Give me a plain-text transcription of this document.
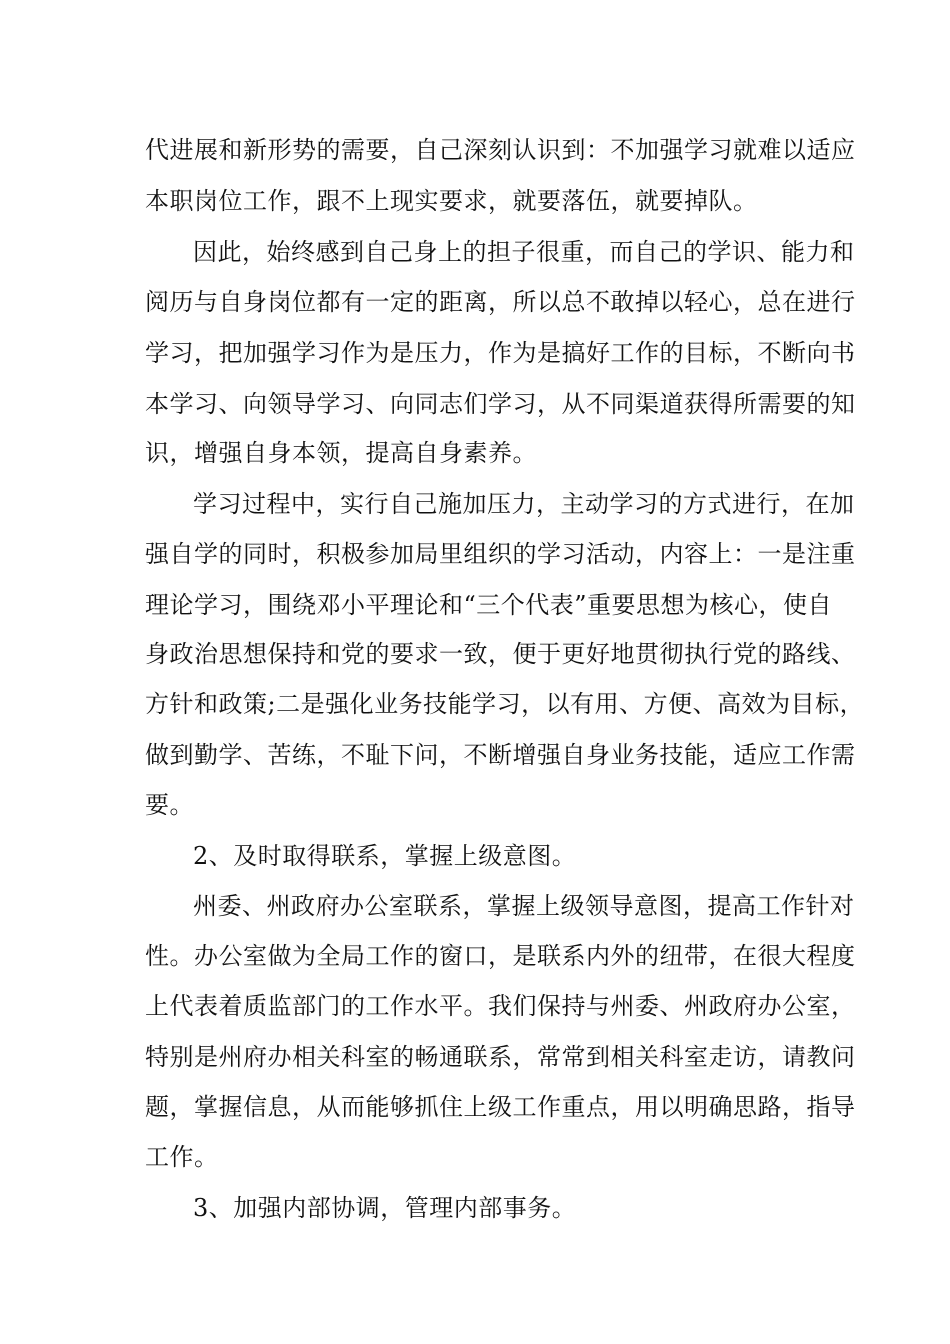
代进展和新形势的需要，自己深刻认识到：不加强学习就难以适应
本职岗位工作，跟不上现实要求，就要落伍，就要掉队。
因此，始终感到自己身上的担子很重，而自己的学识、能力和
阅历与自身岗位都有一定的距离，所以总不敢掉以轻心，总在进行
学习，把加强学习作为是压力，作为是搞好工作的目标，不断向书
本学习、向领导学习、向同志们学习，从不同渠道获得所需要的知
识，增强自身本领，提高自身素养。
学习过程中，实行自己施加压力，主动学习的方式进行，在加
强自学的同时，积极参加局里组织的学习活动，内容上：一是注重
理论学习，围绕邓小平理论和“三个代表”重要思想为核心，使自
身政治思想保持和党的要求一致，便于更好地贯彻执行党的路线、
方针和政策;二是强化业务技能学习，以有用、方便、高效为目标，
做到勤学、苦练，不耻下问，不断增强自身业务技能，适应工作需
要。
2、及时取得联系，掌握上级意图。
州委、州政府办公室联系，掌握上级领导意图，提高工作针对
性。办公室做为全局工作的窗口，是联系内外的纽带，在很大程度
上代表着质监部门的工作水平。我们保持与州委、州政府办公室，
特别是州府办相关科室的畅通联系，常常到相关科室走访，请教问
题，掌握信息，从而能够抓住上级工作重点，用以明确思路，指导
工作。
3、加强内部协调，管理内部事务。
